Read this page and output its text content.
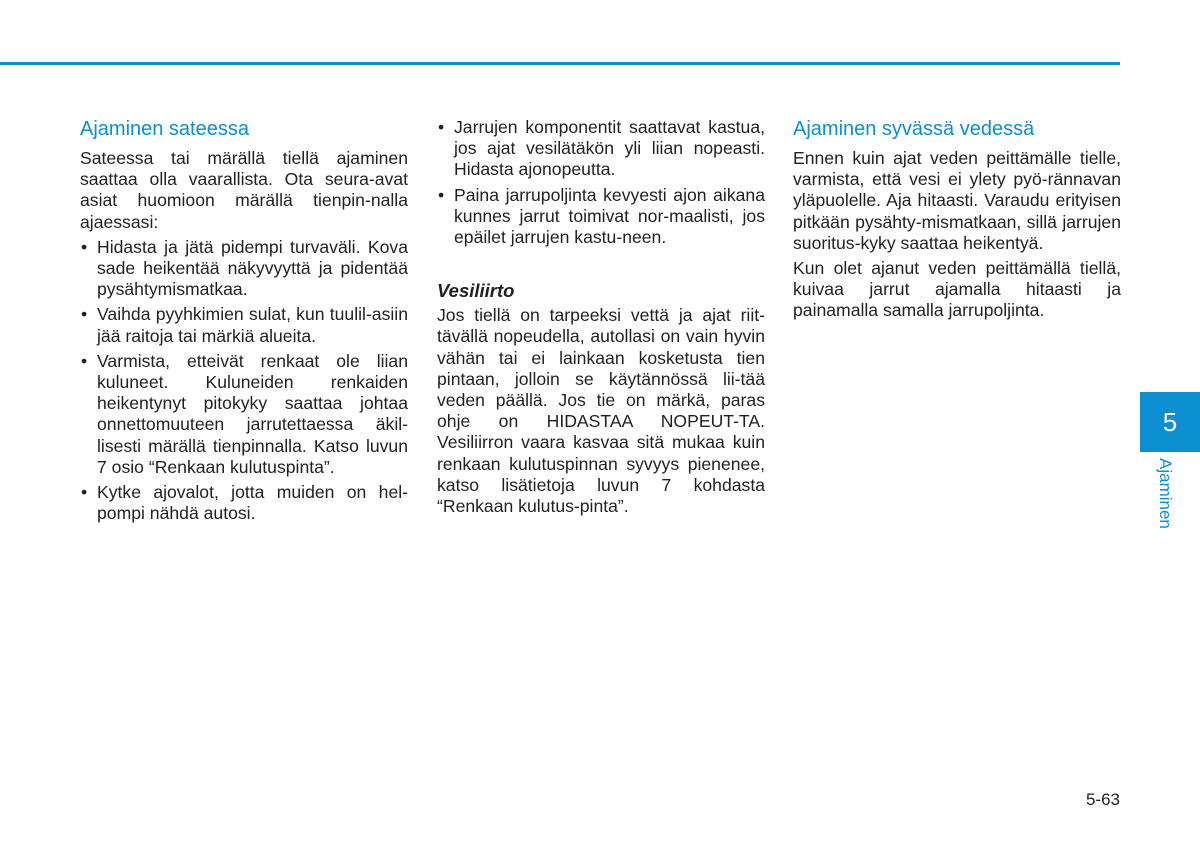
Ajaminen sateessa

Sateessa tai märällä tiellä ajaminen saattaa olla vaarallista. Ota seura-avat asiat huomioon märällä tienpin-nalla ajaessasi:

• Hidasta ja jätä pidempi turvaväli. Kova sade heikentää näkyvyyttä ja pidentää pysähtymismatkaa.
• Vaihda pyyhkimien sulat, kun tuulil-asiin jää raitoja tai märkiä alueita.
• Varmista, etteivät renkaat ole liian kuluneet. Kuluneiden renkaiden heikentynyt pitokyky saattaa johtaa onnettomuuteen jarrutettaessa äkil-lisesti märällä tienpinnalla. Katso luvun 7 osio “Renkaan kulutuspinta”.
• Kytke ajovalot, jotta muiden on hel-pompi nähdä autosi.
• Jarrujen komponentit saattavat kastua, jos ajat vesilätäkön yli liian nopeasti. Hidasta ajonopeutta.
• Paina jarrupoljinta kevyesti ajon aikana kunnes jarrut toimivat nor-maalisti, jos epäilet jarrujen kastu-neen.
Vesiliirto

Jos tiellä on tarpeeksi vettä ja ajat riit-tävällä nopeudella, autollasi on vain hyvin vähän tai ei lainkaan kosketusta tien pintaan, jolloin se käytännössä lii-tää veden päällä. Jos tie on märkä, paras ohje on HIDASTAA NOPEUT-TA. Vesiliirron vaara kasvaa sitä mukaa kuin renkaan kulutuspinnan syvyys pienenee, katso lisätietoja luvun 7 kohdasta “Renkaan kulutus-pinta”.

Ajaminen syvässä vedessä

Ennen kuin ajat veden peittämälle tielle, varmista, että vesi ei ylety pyö-rännavan yläpuolelle. Aja hitaasti. Varaudu erityisen pitkään pysähty-mismatkaan, sillä jarrujen suoritus-kyky saattaa heikentyä.

Kun olet ajanut veden peittämällä tiellä, kuivaa jarrut ajamalla hitaasti ja painamalla samalla jarrupoljinta.

5
Ajaminen
5-63
